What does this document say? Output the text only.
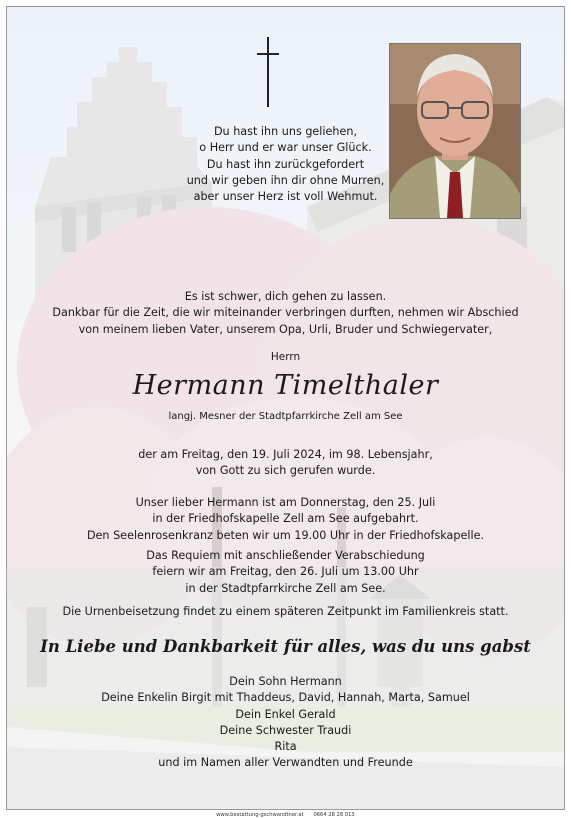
Du hast ihn uns geliehen,
o Herr und er war unser Glück.
Du hast ihn zurückgefordert
und wir geben ihn dir ohne Murren,
aber unser Herz ist voll Wehmut.
Es ist schwer, dich gehen zu lassen.
Dankbar für die Zeit, die wir miteinander verbringen durften, nehmen wir Abschied
von meinem lieben Vater, unserem Opa, Urli, Bruder und Schwiegervater,
Herrn
Hermann Timelthaler
langj. Mesner der Stadtpfarrkirche Zell am See
der am Freitag, den 19. Juli 2024, im 98. Lebensjahr,
von Gott zu sich gerufen wurde.
Unser lieber Hermann ist am Donnerstag, den 25. Juli
in der Friedhofskapelle Zell am See aufgebahrt.
Den Seelenrosenkranz beten wir um 19.00 Uhr in der Friedhofskapelle.
Das Requiem mit anschließender Verabschiedung
feiern wir am Freitag, den 26. Juli um 13.00 Uhr
in der Stadtpfarrkirche Zell am See.
Die Urnenbeisetzung findet zu einem späteren Zeitpunkt im Familienkreis statt.
In Liebe und Dankbarkeit für alles, was du uns gabst
Dein Sohn Hermann
Deine Enkelin Birgit mit Thaddeus, David, Hannah, Marta, Samuel
Dein Enkel Gerald
Deine Schwester Traudi
Rita
und im Namen aller Verwandten und Freunde
www.bestattung-gschwandtner.at      0664 28 28 013
